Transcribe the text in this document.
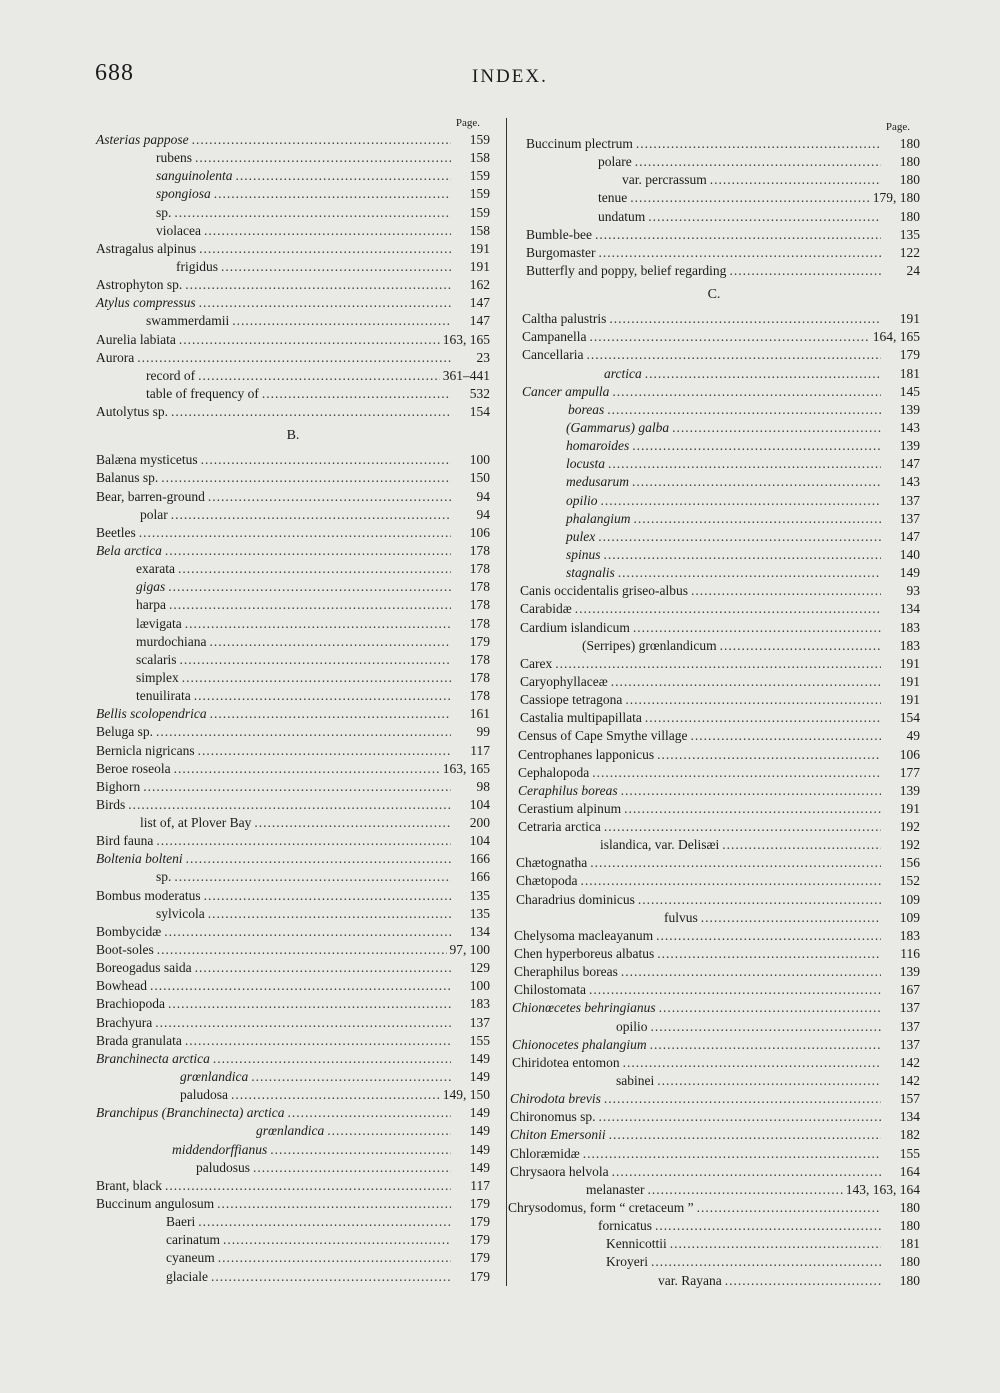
688	INDEX.
Page.
Asterias pappose .....	159
rubens .....	158
sanguinolenta .....	159
spongiosa .....	159
sp. .....	159
violacea .....	158
Astragalus alpinus .....	191
frigidus .....	191
Astrophyton sp. .....	162
Atylus compressus .....	147
swammerdamii .....	147
Aurelia labiata .....	163, 165
Aurora .....	23
record of .....	361–441
table of frequency of .....	532
Autolytus sp. .....	154
B.
Balæna mysticetus .....	100
Balanus sp. .....	150
Bear, barren-ground .....	94
polar .....	94
Beetles .....	106
Bela arctica .....	178
exarata .....	178
gigas .....	178
harpa .....	178
lævigata .....	178
murdochiana .....	179
scalaris .....	178
simplex .....	178
tenuilirata .....	178
Bellis scolopendrica .....	161
Beluga sp. .....	99
Bernicla nigricans .....	117
Beroe roseola .....	163, 165
Bighorn .....	98
Birds .....	104
list of, at Plover Bay .....	200
Bird fauna .....	104
Boltenia bolteni .....	166
sp. .....	166
Bombus moderatus .....	135
sylvicola .....	135
Bombycidæ .....	134
Boot-soles .....	97, 100
Boreogadus saida .....	129
Bowhead .....	100
Brachiopoda .....	183
Brachyura .....	137
Brada granulata .....	155
Branchinecta arctica .....	149
grœnlandica .....	149
paludosa .....	149, 150
Branchipus (Branchinecta) arctica .....	149
grœnlandica .....	149
middendorffianus .....	149
paludosus .....	149
Brant, black .....	117
Buccinum angulosum .....	179
Baeri .....	179
carinatum .....	179
cyaneum .....	179
glaciale .....	179
Page.
Buccinum plectrum .....	180
polare .....	180
var. percrassum .....	180
tenue .....	179, 180
undatum .....	180
Bumble-bee .....	135
Burgomaster .....	122
Butterfly and poppy, belief regarding .....	24
C.
Caltha palustris .....	191
Campanella .....	164, 165
Cancellaria .....	179
arctica .....	181
Cancer ampulla .....	145
boreas .....	139
(Gammarus) galba .....	143
homaroides .....	139
locusta .....	147
medusarum .....	143
opilio .....	137
phalangium .....	137
pulex .....	147
spinus .....	140
stagnalis .....	149
Canis occidentalis griseo-albus .....	93
Carabidæ .....	134
Cardium islandicum .....	183
(Serripes) grœnlandicum .....	183
Carex .....	191
Caryophyllaceæ .....	191
Cassiope tetragona .....	191
Castalia multipapillata .....	154
Census of Cape Smythe village .....	49
Centrophanes lapponicus .....	106
Cephalopoda .....	177
Ceraphilus boreas .....	139
Cerastium alpinum .....	191
Cetraria arctica .....	192
islandica, var. Delisæi .....	192
Chætognatha .....	156
Chætopoda .....	152
Charadrius dominicus .....	109
fulvus .....	109
Chelysoma macleayanum .....	183
Chen hyperboreus albatus .....	116
Cheraphilus boreas .....	139
Chilostomata .....	167
Chionœcetes behringianus .....	137
opilio .....	137
Chionocetes phalangium .....	137
Chiridotea entomon .....	142
sabinei .....	142
Chirodota brevis .....	157
Chironomus sp. .....	134
Chiton Emersonii .....	182
Chloræmidæ .....	155
Chrysaora helvola .....	164
melanaster .....	143, 163, 164
Chrysodomus, form “ cretaceum ” .....	180
fornicatus .....	180
Kennicottii .....	181
Kroyeri .....	180
var. Rayana .....	180
